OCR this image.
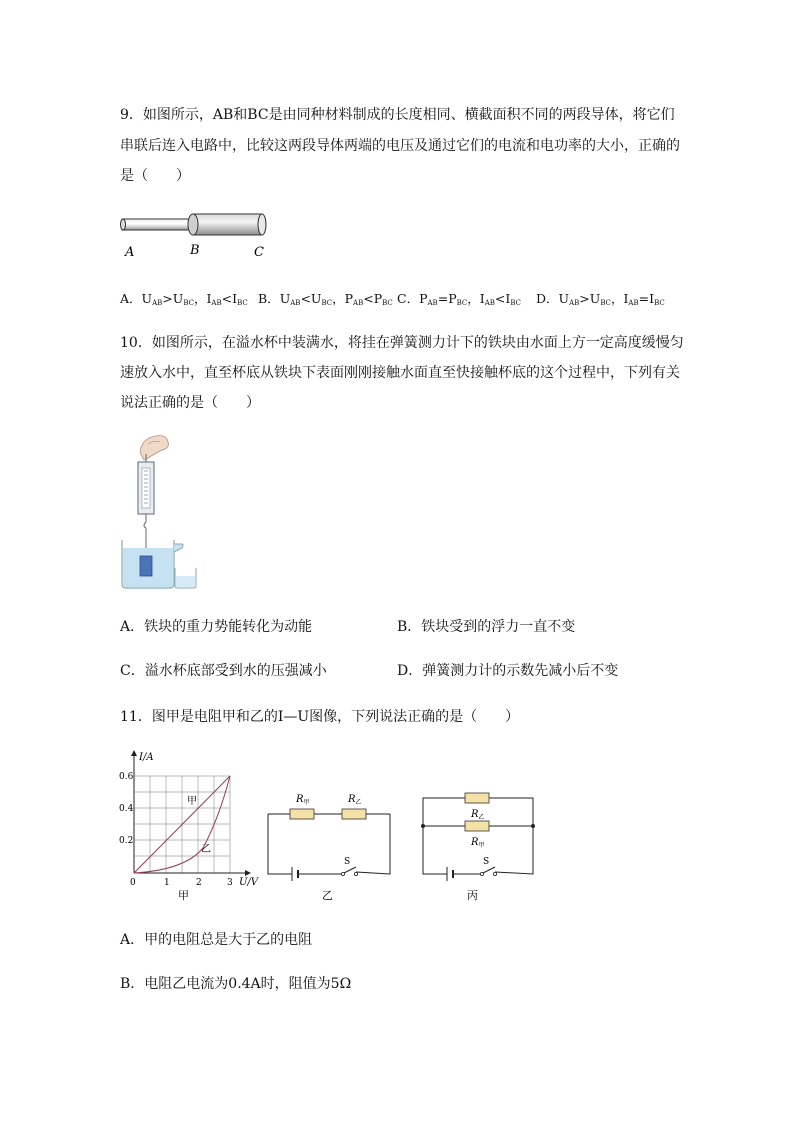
9．如图所示，AB和BC是由同种材料制成的长度相同、横截面积不同的两段导体，将它们
串联后连入电路中，比较这两段导体两端的电压及通过它们的电流和电功率的大小，正确的
是（　　）
A	B	C
A．$U_{AB}>U_{BC}$，$I_{AB}<I_{BC}$ B．$U_{AB}<U_{BC}$，$P_{AB}<P_{BC}$ C．$P_{AB}=P_{BC}$，$I_{AB}<I_{BC}$ D．$U_{AB}>U_{BC}$，$I_{AB}=I_{BC}$
10．如图所示，在溢水杯中装满水，将挂在弹簧测力计下的铁块由水面上方一定高度缓慢匀
速放入水中，直至杯底从铁块下表面刚刚接触水面直至快接触杯底的这个过程中，下列有关
说法正确的是（　　）
A．铁块的重力势能转化为动能	B．铁块受到的浮力一直不变
C．溢水杯底部受到水的压强减小	D．弹簧测力计的示数先减小后不变
11．图甲是电阻甲和乙的I—U图像，下列说法正确的是（　　）
I/A
U/V
0.6
0.4
0.2
0	1	2	3
甲
乙
甲
$R_甲$	$R_乙$
S
乙
$R_乙$
$R_甲$
S
丙
A．甲的电阻总是大于乙的电阻
B．电阻乙电流为0.4A时，阻值为5Ω
